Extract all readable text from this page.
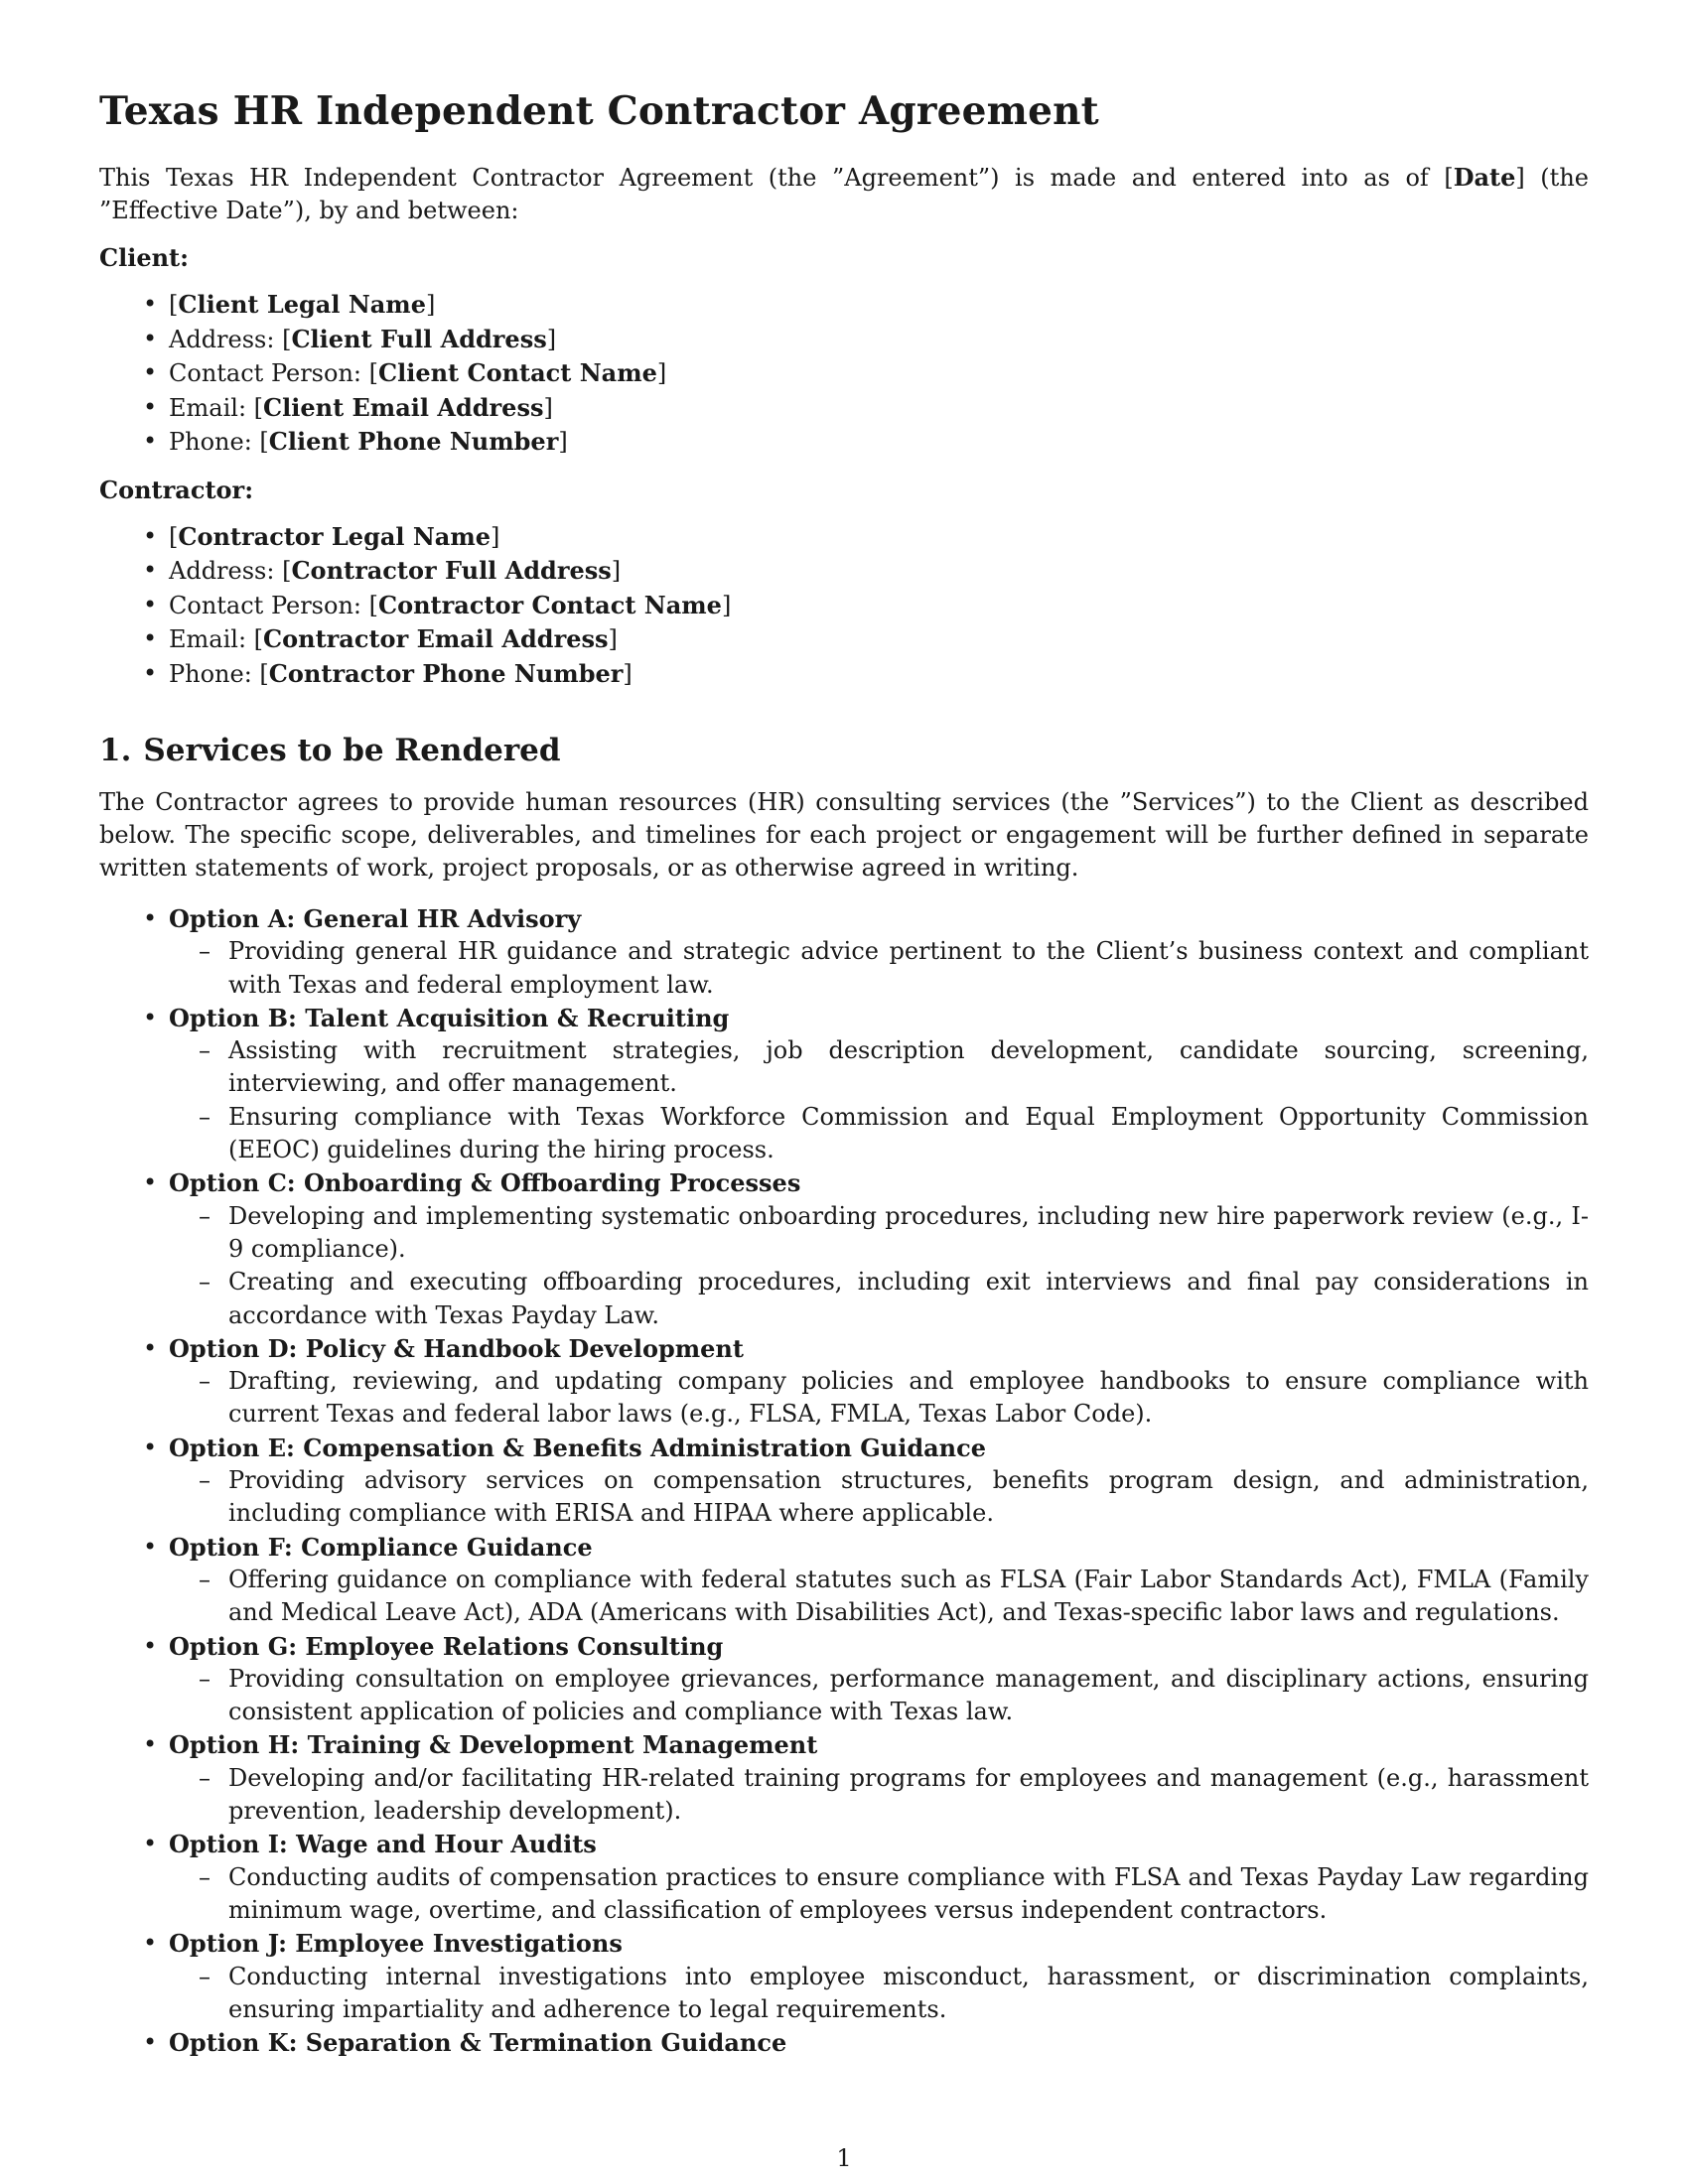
Texas HR Independent Contractor Agreement

This Texas HR Independent Contractor Agreement (the ”Agreement”) is made and entered into as of [Date] (the ”Effective Date”), by and between:

Client:
• [Client Legal Name]
• Address: [Client Full Address]
• Contact Person: [Client Contact Name]
• Email: [Client Email Address]
• Phone: [Client Phone Number]
Contractor:
• [Contractor Legal Name]
• Address: [Contractor Full Address]
• Contact Person: [Contractor Contact Name]
• Email: [Contractor Email Address]
• Phone: [Contractor Phone Number]
1. Services to be Rendered

The Contractor agrees to provide human resources (HR) consulting services (the ”Services”) to the Client as described below. The specific scope, deliverables, and timelines for each project or engagement will be further defined in separate written statements of work, project proposals, or as otherwise agreed in writing.

• Option A: General HR Advisory
– Providing general HR guidance and strategic advice pertinent to the Client’s business context and compliant with Texas and federal employment law.
• Option B: Talent Acquisition & Recruiting
– Assisting with recruitment strategies, job description development, candidate sourcing, screening, interviewing, and offer management.
– Ensuring compliance with Texas Workforce Commission and Equal Employment Opportunity Commission (EEOC) guidelines during the hiring process.
• Option C: Onboarding & Offboarding Processes
– Developing and implementing systematic onboarding procedures, including new hire paperwork review (e.g., I-9 compliance).
– Creating and executing offboarding procedures, including exit interviews and final pay considerations in accordance with Texas Payday Law.
• Option D: Policy & Handbook Development
– Drafting, reviewing, and updating company policies and employee handbooks to ensure compliance with current Texas and federal labor laws (e.g., FLSA, FMLA, Texas Labor Code).
• Option E: Compensation & Benefits Administration Guidance
– Providing advisory services on compensation structures, benefits program design, and administration, including compliance with ERISA and HIPAA where applicable.
• Option F: Compliance Guidance
– Offering guidance on compliance with federal statutes such as FLSA (Fair Labor Standards Act), FMLA (Family and Medical Leave Act), ADA (Americans with Disabilities Act), and Texas-specific labor laws and regulations.
• Option G: Employee Relations Consulting
– Providing consultation on employee grievances, performance management, and disciplinary actions, ensuring consistent application of policies and compliance with Texas law.
• Option H: Training & Development Management
– Developing and/or facilitating HR-related training programs for employees and management (e.g., harassment prevention, leadership development).
• Option I: Wage and Hour Audits
– Conducting audits of compensation practices to ensure compliance with FLSA and Texas Payday Law regarding minimum wage, overtime, and classification of employees versus independent contractors.
• Option J: Employee Investigations
– Conducting internal investigations into employee misconduct, harassment, or discrimination complaints, ensuring impartiality and adherence to legal requirements.
• Option K: Separation & Termination Guidance
1
